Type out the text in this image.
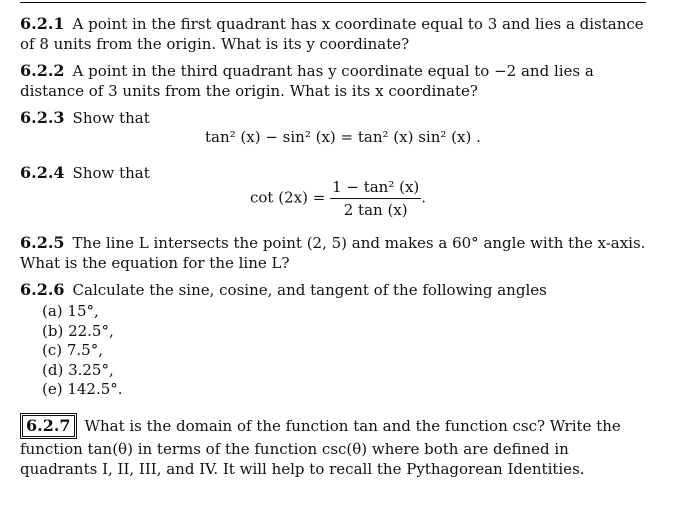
6.2.1 A point in the first quadrant has x coordinate equal to 3 and lies a distance of 8 units from the origin. What is its y coordinate?
6.2.2 A point in the third quadrant has y coordinate equal to −2 and lies a distance of 3 units from the origin. What is its x coordinate?
6.2.3 Show that
tan² (x) − sin² (x) = tan² (x) sin² (x) .
6.2.4 Show that
$\cot (2x) = \frac{\text{1 − tan² (x)}}{2 \tan (x)}$ .
6.2.5 The line L intersects the point (2, 5) and makes a 60° angle with the x-axis. What is the equation for the line L?
6.2.6 Calculate the sine, cosine, and tangent of the following angles
(a) 15°,
(b) 22.5°,
(c) 7.5°,
(d) 3.25°,
(e) 142.5°.
6.2.7 What is the domain of the function tan and the function csc? Write the function tan(θ) in terms of the function csc(θ) where both are defined in quadrants I, II, III, and IV. It will help to recall the Pythagorean Identities.
